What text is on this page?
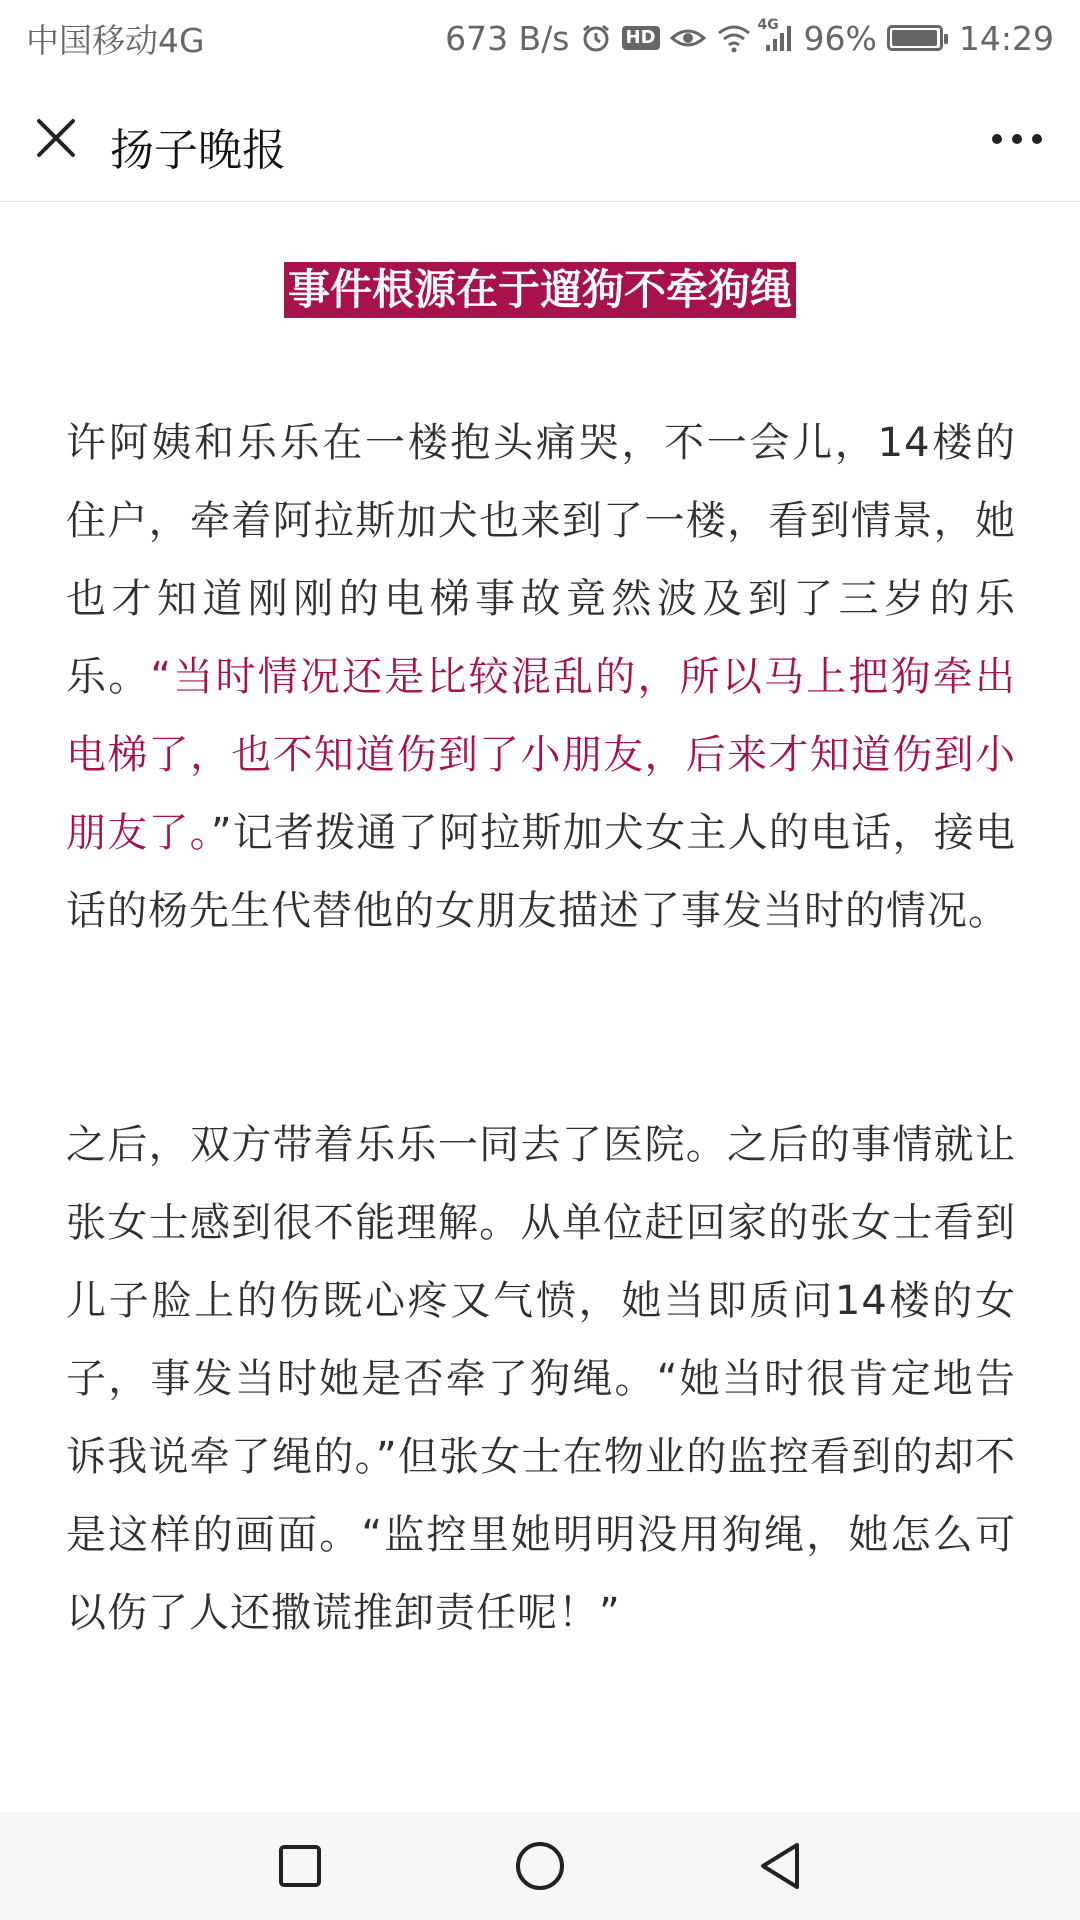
中国移动4G	673 B/s	HD
4G 96% 14:29
扬子晚报
事件根源在于遛狗不牵狗绳

许阿姨和乐乐在一楼抱头痛哭，不一会儿，14楼的住户，牵着阿拉斯加犬也来到了一楼，看到情景，她也才知道刚刚的电梯事故竟然波及到了三岁的乐乐。“当时情况还是比较混乱的，所以马上把狗牵出电梯了，也不知道伤到了小朋友，后来才知道伤到小朋友了。”记者拨通了阿拉斯加犬女主人的电话，接电话的杨先生代替他的女朋友描述了事发当时的情况。

之后，双方带着乐乐一同去了医院。之后的事情就让张女士感到很不能理解。从单位赶回家的张女士看到儿子脸上的伤既心疼又气愤，她当即质问14楼的女子，事发当时她是否牵了狗绳。“她当时很肯定地告诉我说牵了绳的。”但张女士在物业的监控看到的却不是这样的画面。“监控里她明明没用狗绳，她怎么可以伤了人还撒谎推卸责任呢！”
